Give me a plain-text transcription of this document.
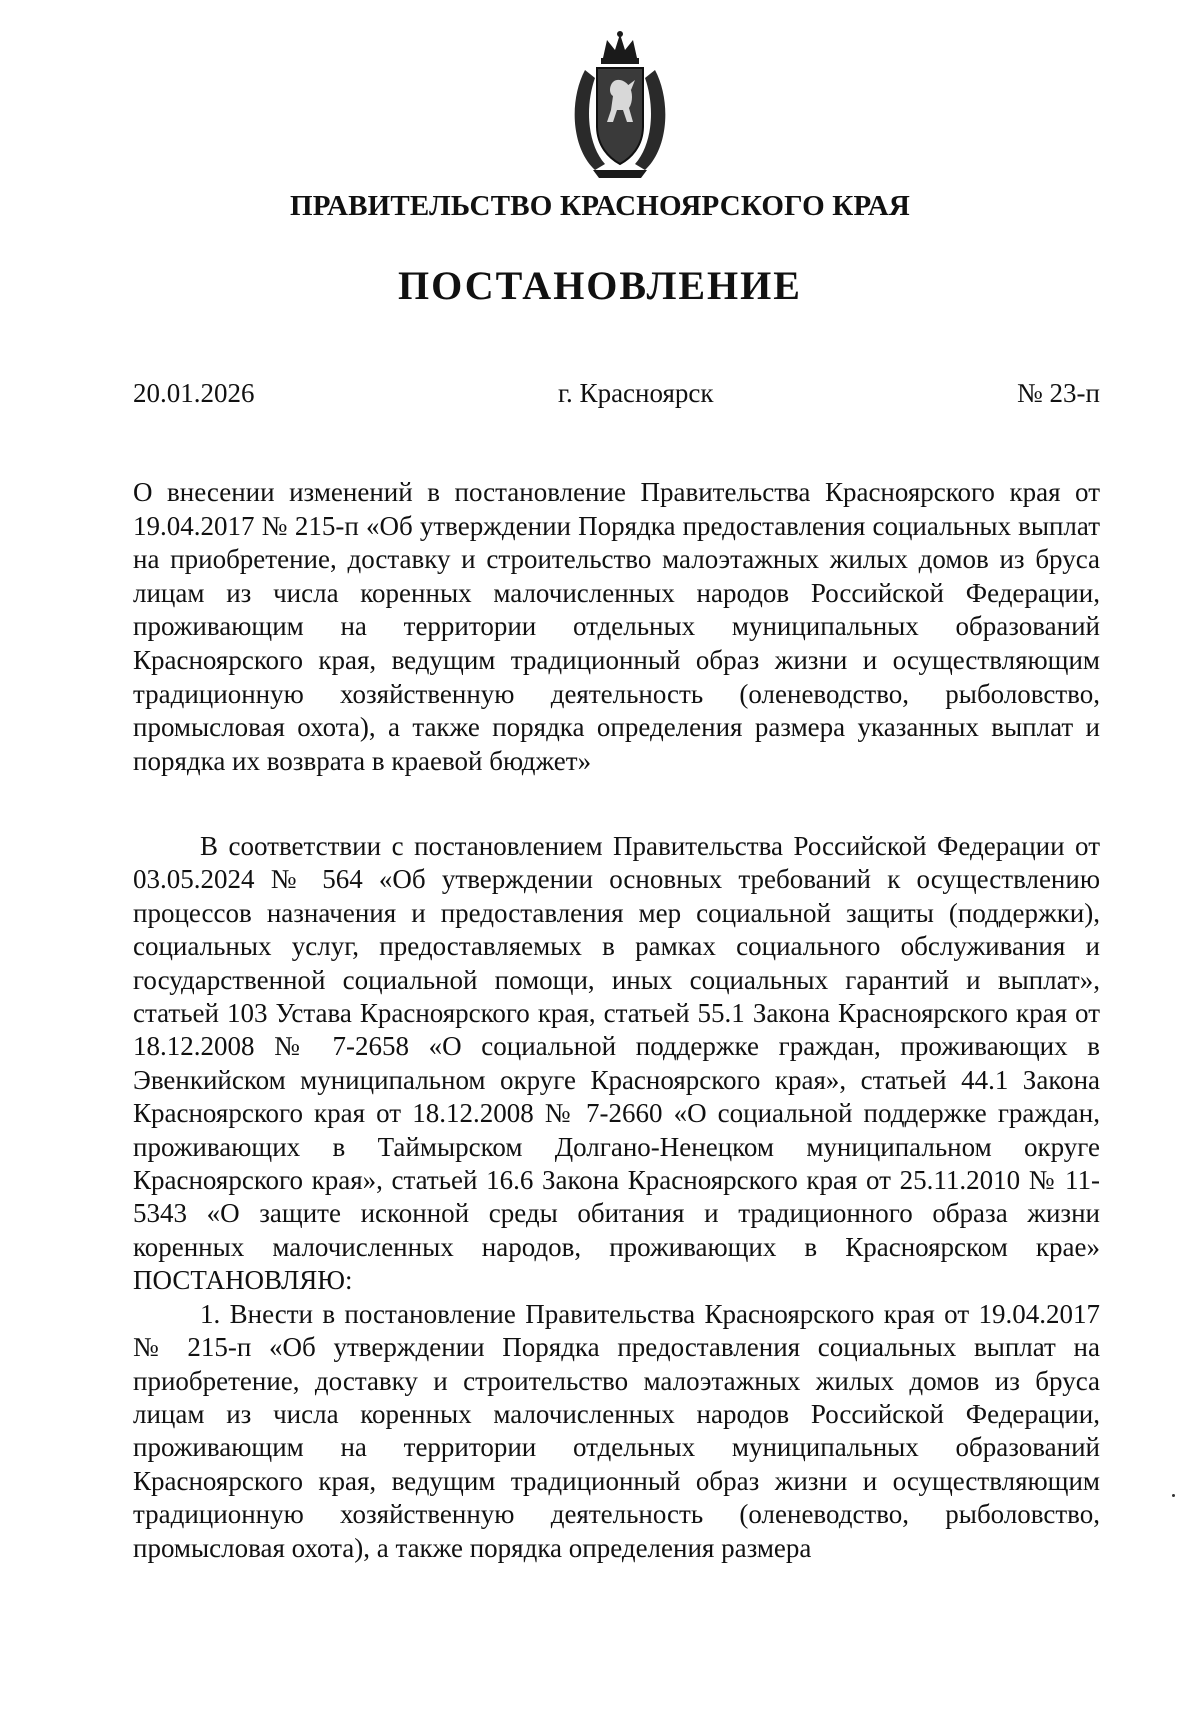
ПРАВИТЕЛЬСТВО КРАСНОЯРСКОГО КРАЯ
ПОСТАНОВЛЕНИЕ
20.01.2026	г. Красноярск	№ 23-п
О внесении изменений в постановление Правительства Красноярского края от 19.04.2017 № 215-п «Об утверждении Порядка предоставления социальных выплат на приобретение, доставку и строительство малоэтажных жилых домов из бруса лицам из числа коренных малочисленных народов Российской Федерации, проживающим на территории отдельных муниципальных образований Красноярского края, ведущим традиционный образ жизни и осуществляющим традиционную хозяйственную деятельность (оленеводство, рыболовство, промысловая охота), а также порядка определения размера указанных выплат и порядка их возврата в краевой бюджет»

В соответствии с постановлением Правительства Российской Федерации от 03.05.2024 № 564 «Об утверждении основных требований к осуществлению процессов назначения и предоставления мер социальной защиты (поддержки), социальных услуг, предоставляемых в рамках социального обслуживания и государственной социальной помощи, иных социальных гарантий и выплат», статьей 103 Устава Красноярского края, статьей 55.1 Закона Красноярского края от 18.12.2008 № 7-2658 «О социальной поддержке граждан, проживающих в Эвенкийском муниципальном округе Красноярского края», статьей 44.1 Закона Красноярского края от 18.12.2008 № 7-2660 «О социальной поддержке граждан, проживающих в Таймырском Долгано-Ненецком муниципальном округе Красноярского края», статьей 16.6 Закона Красноярского края от 25.11.2010 № 11-5343 «О защите исконной среды обитания и традиционного образа жизни коренных малочисленных народов, проживающих в Красноярском крае» ПОСТАНОВЛЯЮ:

1. Внести в постановление Правительства Красноярского края от 19.04.2017 № 215-п «Об утверждении Порядка предоставления социальных выплат на приобретение, доставку и строительство малоэтажных жилых домов из бруса лицам из числа коренных малочисленных народов Российской Федерации, проживающим на территории отдельных муниципальных образований Красноярского края, ведущим традиционный образ жизни и осуществляющим традиционную хозяйственную деятельность (оленеводство, рыболовство, промысловая охота), а также порядка определения размера
